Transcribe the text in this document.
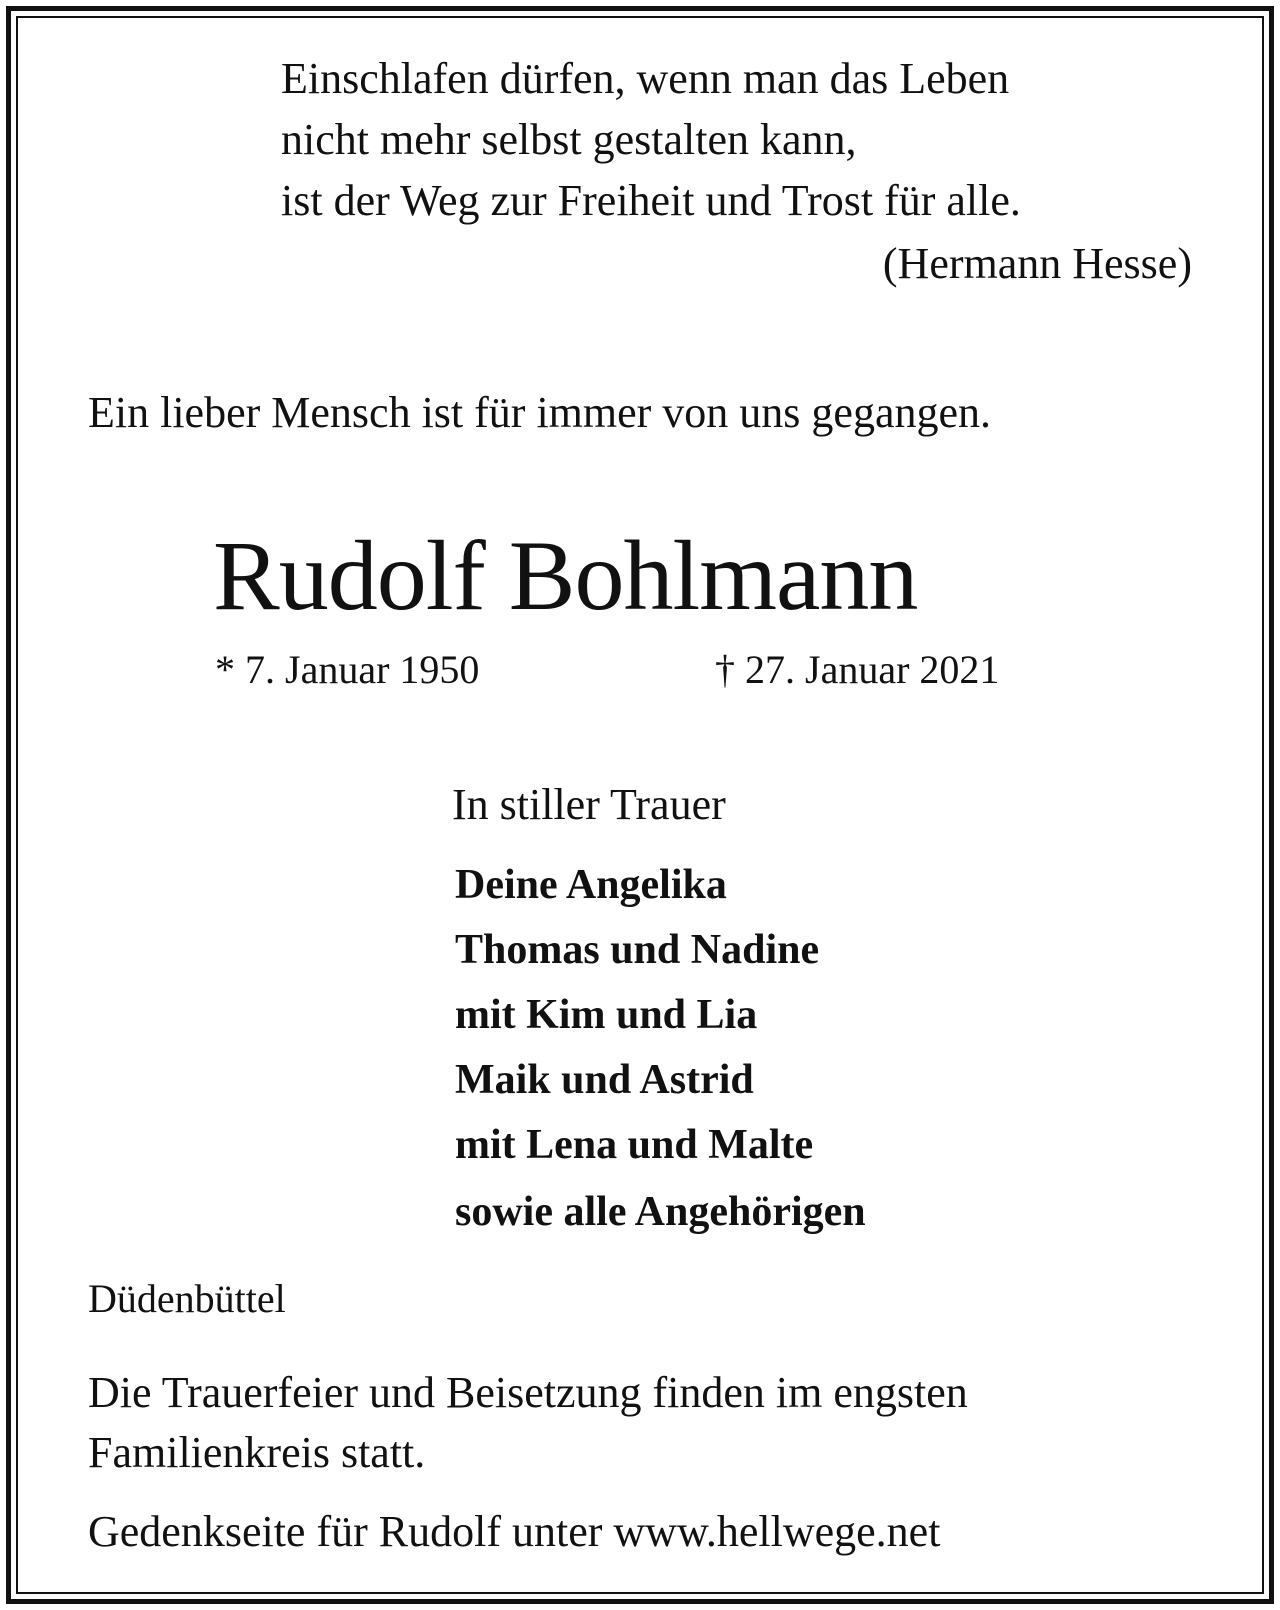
Einschlafen dürfen, wenn man das Leben
nicht mehr selbst gestalten kann,
ist der Weg zur Freiheit und Trost für alle.
(Hermann Hesse)
Ein lieber Mensch ist für immer von uns gegangen.
Rudolf Bohlmann
* 7. Januar 1950	† 27. Januar 2021
In stiller Trauer
Deine Angelika
Thomas und Nadine
mit Kim und Lia
Maik und Astrid
mit Lena und Malte
sowie alle Angehörigen
Düdenbüttel
Die Trauerfeier und Beisetzung finden im engsten
Familienkreis statt.
Gedenkseite für Rudolf unter www.hellwege.net
